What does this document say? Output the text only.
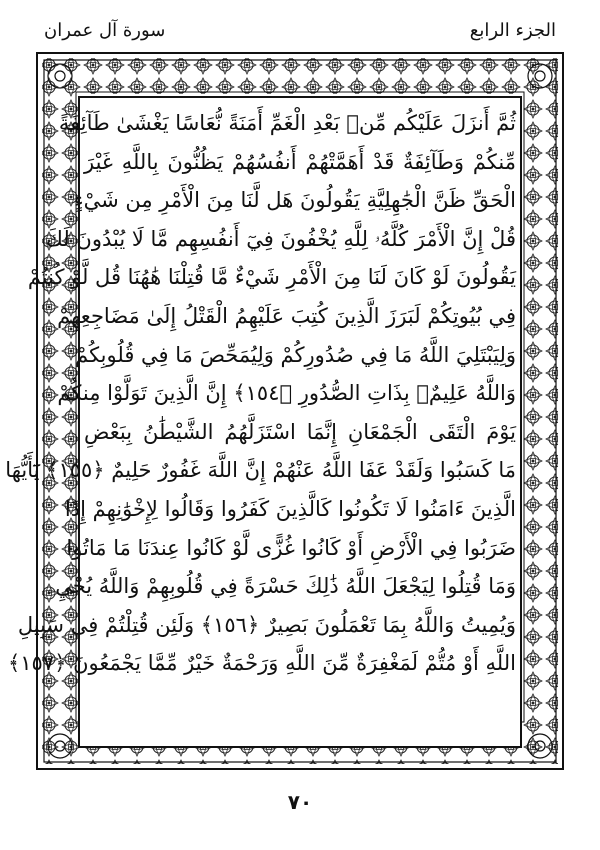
الجزء الرابع
سورة آل عمران
ثُمَّ أَنزَلَ عَلَيْكُم مِّنۢ بَعْدِ الْغَمِّ أَمَنَةً نُّعَاسًا يَغْشَىٰ طَآئِفَةً
مِّنكُمْ وَطَآئِفَةٌ قَدْ أَهَمَّتْهُمْ أَنفُسُهُمْ يَظُنُّونَ بِاللَّهِ غَيْرَ
الْحَقِّ ظَنَّ الْجَٰهِلِيَّةِ يَقُولُونَ هَل لَّنَا مِنَ الْأَمْرِ مِن شَيْءٍ
قُلْ إِنَّ الْأَمْرَ كُلَّهُۥ لِلَّهِ يُخْفُونَ فِيٓ أَنفُسِهِم مَّا لَا يُبْدُونَ لَكَ
يَقُولُونَ لَوْ كَانَ لَنَا مِنَ الْأَمْرِ شَيْءٌ مَّا قُتِلْنَا هَٰهُنَا قُل لَّوْ كُنتُمْ
فِي بُيُوتِكُمْ لَبَرَزَ الَّذِينَ كُتِبَ عَلَيْهِمُ الْقَتْلُ إِلَىٰ مَضَاجِعِهِمْ
وَلِيَبْتَلِيَ اللَّهُ مَا فِي صُدُورِكُمْ وَلِيُمَحِّصَ مَا فِي قُلُوبِكُمْ
وَاللَّهُ عَلِيمٌۢ بِذَاتِ الصُّدُورِ ﴿١٥٤﴾ إِنَّ الَّذِينَ تَوَلَّوْا مِنكُمْ
يَوْمَ الْتَقَى الْجَمْعَانِ إِنَّمَا اسْتَزَلَّهُمُ الشَّيْطَٰنُ بِبَعْضِ
مَا كَسَبُوا وَلَقَدْ عَفَا اللَّهُ عَنْهُمْ إِنَّ اللَّهَ غَفُورٌ حَلِيمٌ ﴿١٥٥﴾ يَٰٓأَيُّهَا
الَّذِينَ ءَامَنُوا لَا تَكُونُوا كَالَّذِينَ كَفَرُوا وَقَالُوا لِإِخْوَٰنِهِمْ إِذَا
ضَرَبُوا فِي الْأَرْضِ أَوْ كَانُوا غُزًّى لَّوْ كَانُوا عِندَنَا مَا مَاتُوا
وَمَا قُتِلُوا لِيَجْعَلَ اللَّهُ ذَٰلِكَ حَسْرَةً فِي قُلُوبِهِمْ وَاللَّهُ يُحْيِۦ
وَيُمِيتُ وَاللَّهُ بِمَا تَعْمَلُونَ بَصِيرٌ ﴿١٥٦﴾ وَلَئِن قُتِلْتُمْ فِي سَبِيلِ
اللَّهِ أَوْ مُتُّمْ لَمَغْفِرَةٌ مِّنَ اللَّهِ وَرَحْمَةٌ خَيْرٌ مِّمَّا يَجْمَعُونَ ﴿١٥٧﴾
٧٠
